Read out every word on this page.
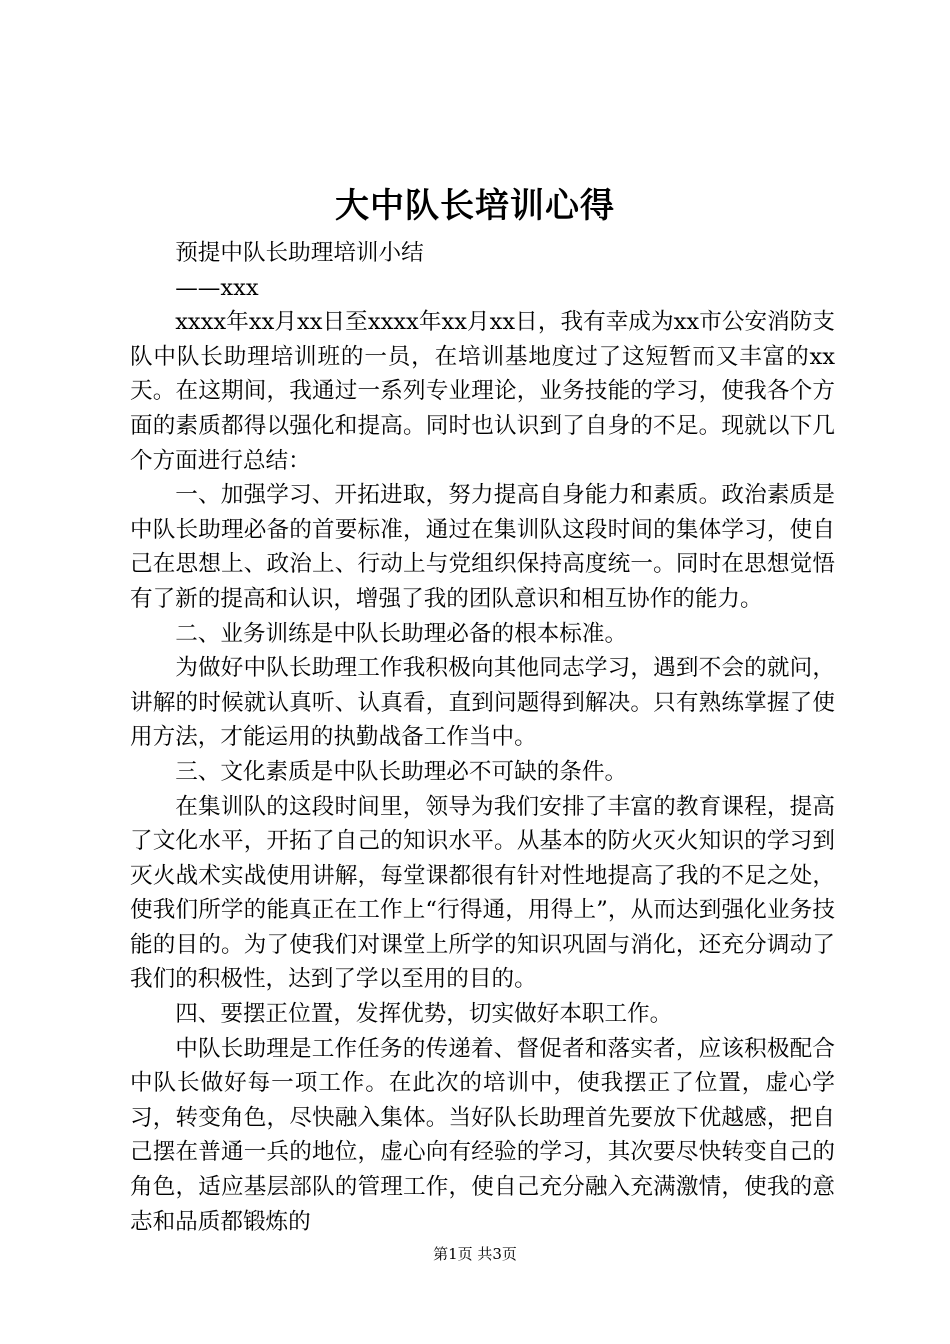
大中队长培训心得

预提中队长助理培训小结

——xxx

xxxx年xx月xx日至xxxx年xx月xx日，我有幸成为xx市公安消防支队中队长助理培训班的一员，在培训基地度过了这短暂而又丰富的xx天。在这期间，我通过一系列专业理论，业务技能的学习，使我各个方面的素质都得以强化和提高。同时也认识到了自身的不足。现就以下几个方面进行总结：

一、加强学习、开拓进取，努力提高自身能力和素质。政治素质是中队长助理必备的首要标准，通过在集训队这段时间的集体学习，使自己在思想上、政治上、行动上与党组织保持高度统一。同时在思想觉悟有了新的提高和认识，增强了我的团队意识和相互协作的能力。

二、业务训练是中队长助理必备的根本标准。

为做好中队长助理工作我积极向其他同志学习，遇到不会的就问，讲解的时候就认真听、认真看，直到问题得到解决。只有熟练掌握了使用方法，才能运用的执勤战备工作当中。

三、文化素质是中队长助理必不可缺的条件。

在集训队的这段时间里，领导为我们安排了丰富的教育课程，提高了文化水平，开拓了自己的知识水平。从基本的防火灭火知识的学习到灭火战术实战使用讲解，每堂课都很有针对性地提高了我的不足之处，使我们所学的能真正在工作上“行得通，用得上”，从而达到强化业务技能的目的。为了使我们对课堂上所学的知识巩固与消化，还充分调动了我们的积极性，达到了学以至用的目的。

四、要摆正位置，发挥优势，切实做好本职工作。

中队长助理是工作任务的传递着、督促者和落实者，应该积极配合中队长做好每一项工作。在此次的培训中，使我摆正了位置，虚心学习，转变角色，尽快融入集体。当好队长助理首先要放下优越感，把自己摆在普通一兵的地位，虚心向有经验的学习，其次要尽快转变自己的角色，适应基层部队的管理工作，使自己充分融入充满激情，使我的意志和品质都锻炼的

第1页 共3页
